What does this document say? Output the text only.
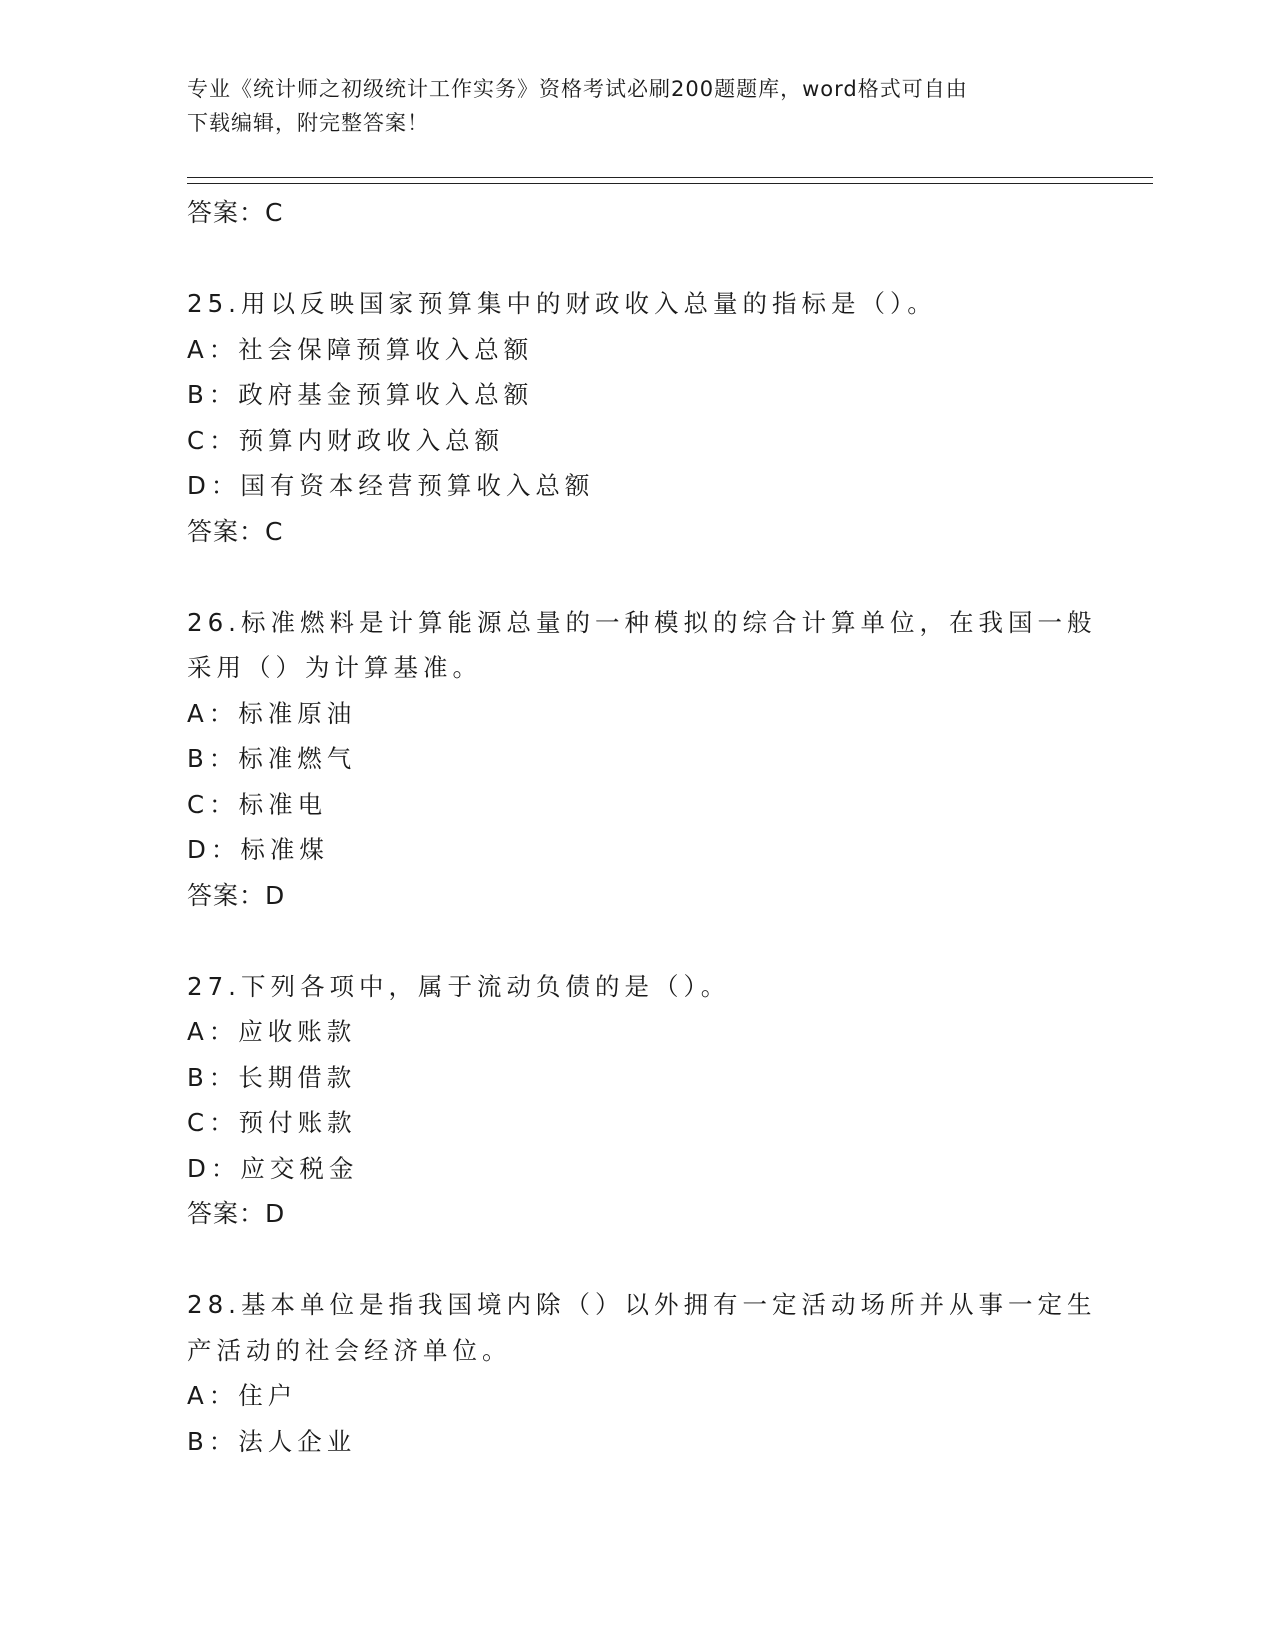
专业《统计师之初级统计工作实务》资格考试必刷200题题库，word格式可自由
下载编辑，附完整答案！
答案：C
25.用以反映国家预算集中的财政收入总量的指标是（）。
A：社会保障预算收入总额
B：政府基金预算收入总额
C：预算内财政收入总额
D：国有资本经营预算收入总额
答案：C
26.标准燃料是计算能源总量的一种模拟的综合计算单位，在我国一般
采用（）为计算基准。
A：标准原油
B：标准燃气
C：标准电
D：标准煤
答案：D
27.下列各项中，属于流动负债的是（）。
A：应收账款
B：长期借款
C：预付账款
D：应交税金
答案：D
28.基本单位是指我国境内除（）以外拥有一定活动场所并从事一定生
产活动的社会经济单位。
A：住户
B：法人企业
